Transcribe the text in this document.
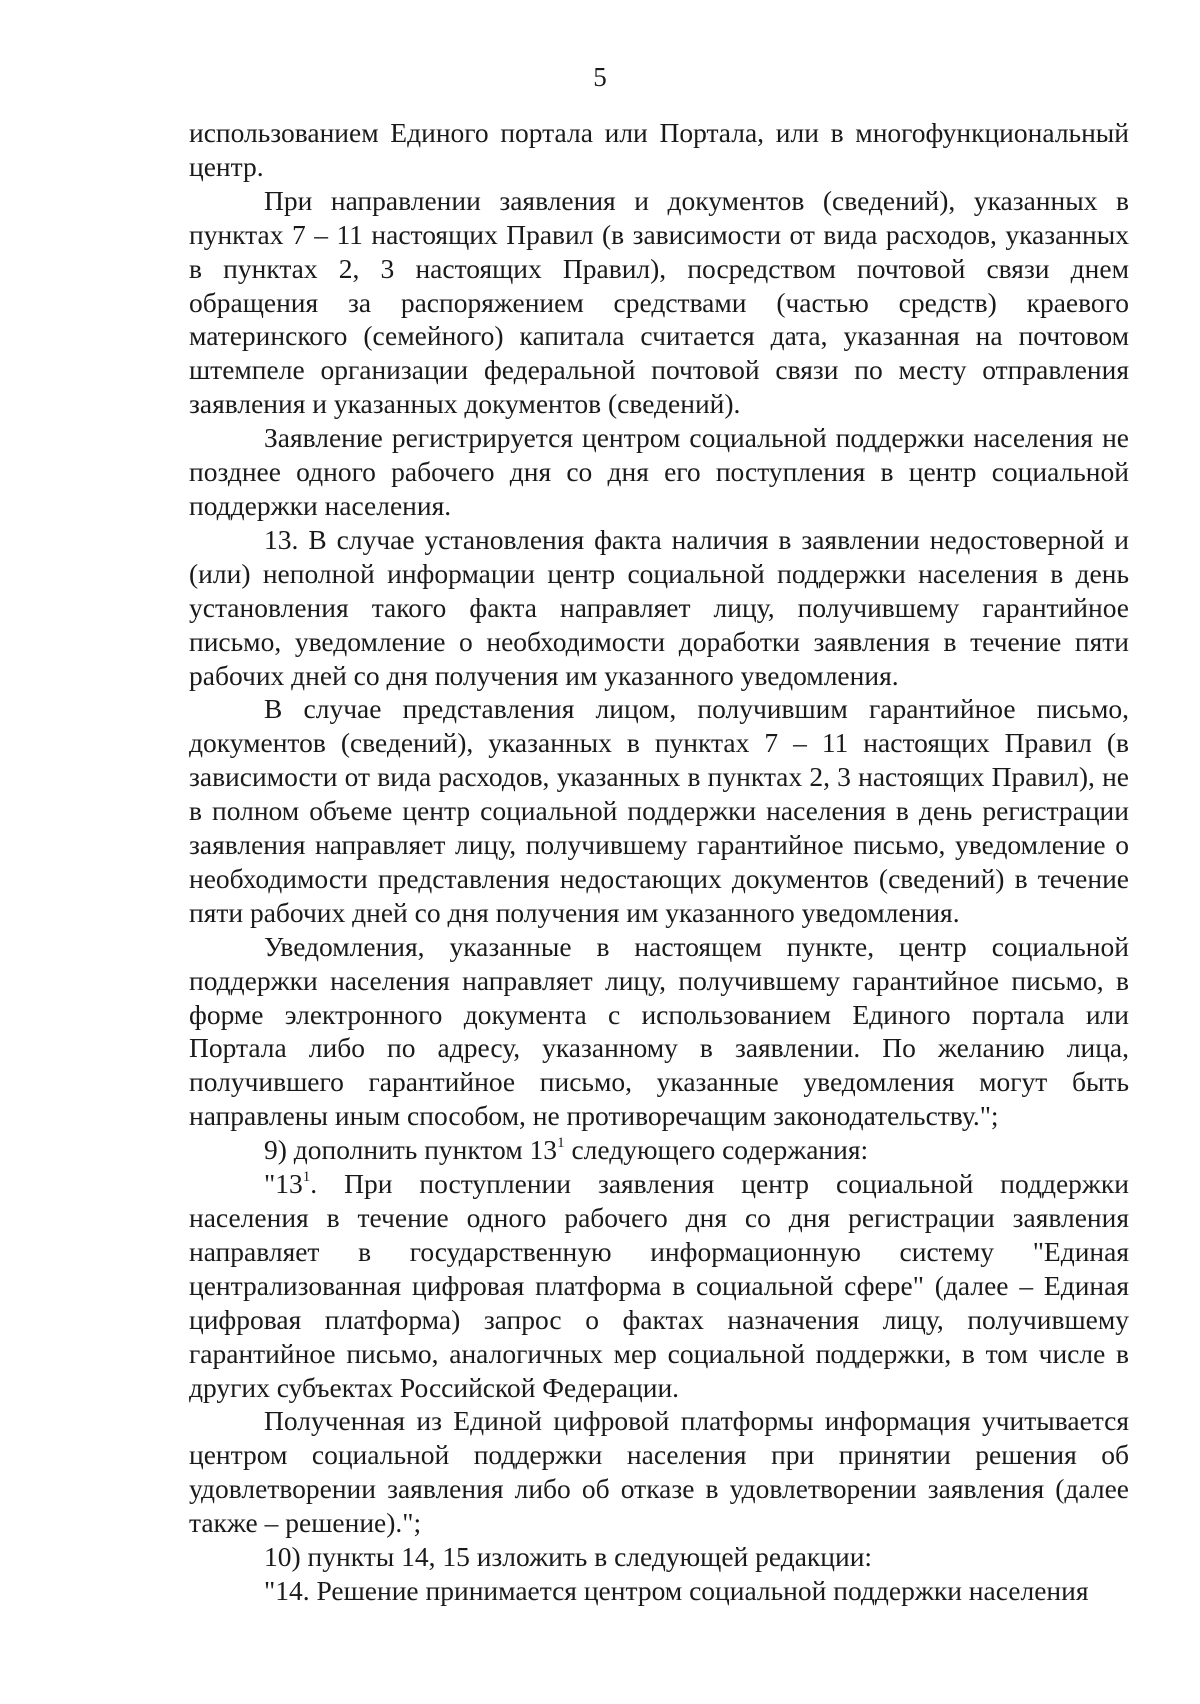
5

использованием Единого портала или Портала, или в многофункциональный центр.

При направлении заявления и документов (сведений), указанных в пунктах 7 – 11 настоящих Правил (в зависимости от вида расходов, указанных в пунктах 2, 3 настоящих Правил), посредством почтовой связи днем обращения за распоряжением средствами (частью средств) краевого материнского (семейного) капитала считается дата, указанная на почтовом штемпеле организации федеральной почтовой связи по месту отправления заявления и указанных документов (сведений).

Заявление регистрируется центром социальной поддержки населения не позднее одного рабочего дня со дня его поступления в центр социальной поддержки населения.

13. В случае установления факта наличия в заявлении недостоверной и (или) неполной информации центр социальной поддержки населения в день установления такого факта направляет лицу, получившему гарантийное письмо, уведомление о необходимости доработки заявления в течение пяти рабочих дней со дня получения им указанного уведомления.

В случае представления лицом, получившим гарантийное письмо, документов (сведений), указанных в пунктах 7 – 11 настоящих Правил (в зависимости от вида расходов, указанных в пунктах 2, 3 настоящих Правил), не в полном объеме центр социальной поддержки населения в день регистрации заявления направляет лицу, получившему гарантийное письмо, уведомление о необходимости представления недостающих документов (сведений) в течение пяти рабочих дней со дня получения им указанного уведомления.

Уведомления, указанные в настоящем пункте, центр социальной поддержки населения направляет лицу, получившему гарантийное письмо, в форме электронного документа с использованием Единого портала или Портала либо по адресу, указанному в заявлении. По желанию лица, получившего гарантийное письмо, указанные уведомления могут быть направлены иным способом, не противоречащим законодательству.";

9) дополнить пунктом $13^1$ следующего содержания:

"$13^1$. При поступлении заявления центр социальной поддержки населения в течение одного рабочего дня со дня регистрации заявления направляет в государственную информационную систему "Единая централизованная цифровая платформа в социальной сфере" (далее – Единая цифровая платформа) запрос о фактах назначения лицу, получившему гарантийное письмо, аналогичных мер социальной поддержки, в том числе в других субъектах Российской Федерации.

Полученная из Единой цифровой платформы информация учитывается центром социальной поддержки населения при принятии решения об удовлетворении заявления либо об отказе в удовлетворении заявления (далее также – решение).";

10) пункты 14, 15 изложить в следующей редакции:

"14. Решение принимается центром социальной поддержки населения
